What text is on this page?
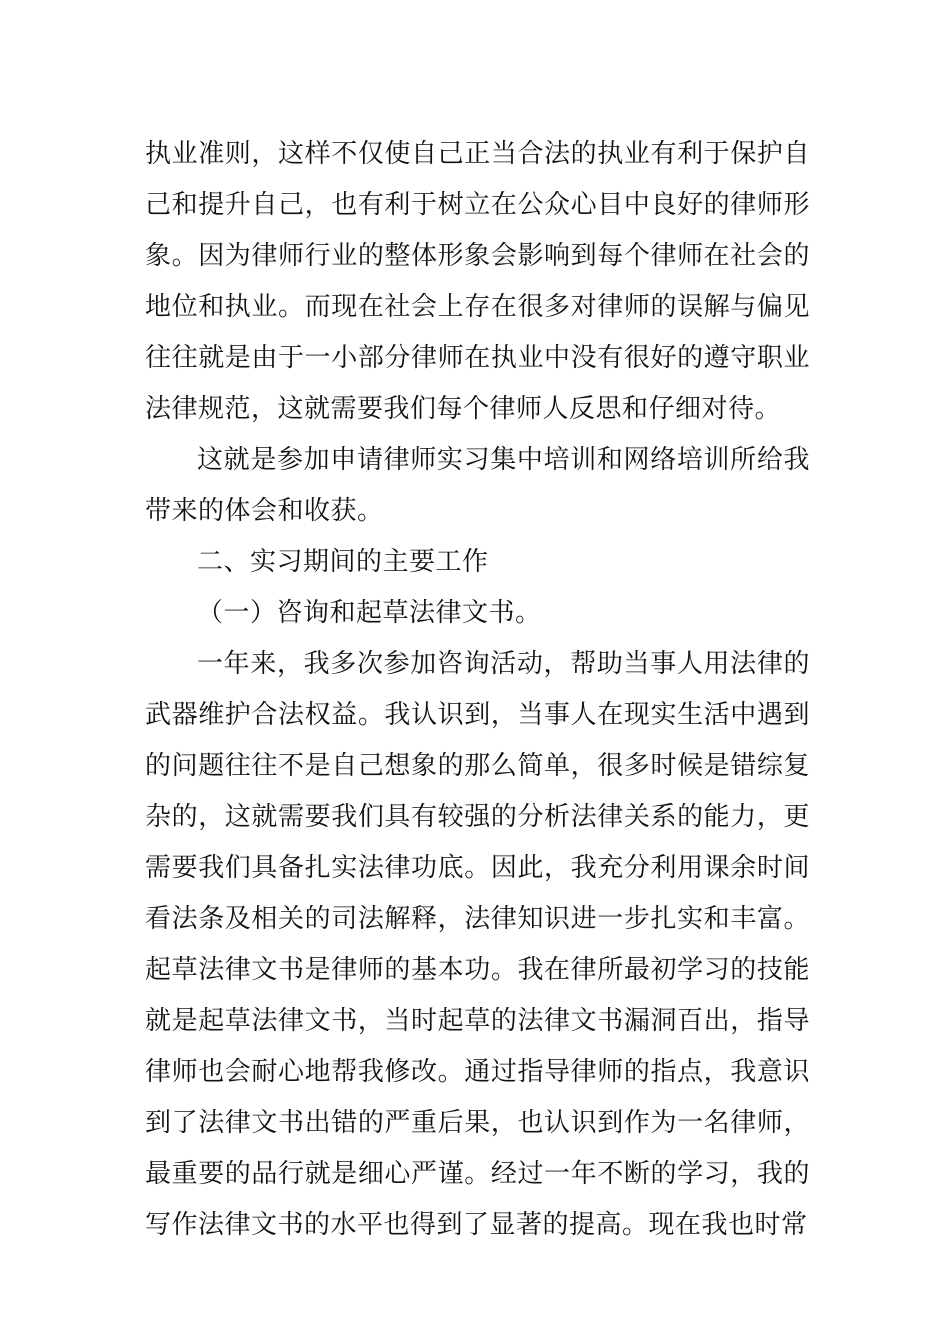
执业准则，这样不仅使自己正当合法的执业有利于保护自己和提升自己，也有利于树立在公众心目中良好的律师形象。因为律师行业的整体形象会影响到每个律师在社会的地位和执业。而现在社会上存在很多对律师的误解与偏见往往就是由于一小部分律师在执业中没有很好的遵守职业法律规范，这就需要我们每个律师人反思和仔细对待。

这就是参加申请律师实习集中培训和网络培训所给我带来的体会和收获。

二、实习期间的主要工作

（一）咨询和起草法律文书。

一年来，我多次参加咨询活动，帮助当事人用法律的武器维护合法权益。我认识到，当事人在现实生活中遇到的问题往往不是自己想象的那么简单，很多时候是错综复杂的，这就需要我们具有较强的分析法律关系的能力，更需要我们具备扎实法律功底。因此，我充分利用课余时间看法条及相关的司法解释，法律知识进一步扎实和丰富。起草法律文书是律师的基本功。我在律所最初学习的技能就是起草法律文书，当时起草的法律文书漏洞百出，指导律师也会耐心地帮我修改。通过指导律师的指点，我意识到了法律文书出错的严重后果，也认识到作为一名律师，最重要的品行就是细心严谨。经过一年不断的学习，我的写作法律文书的水平也得到了显著的提高。现在我也时常
